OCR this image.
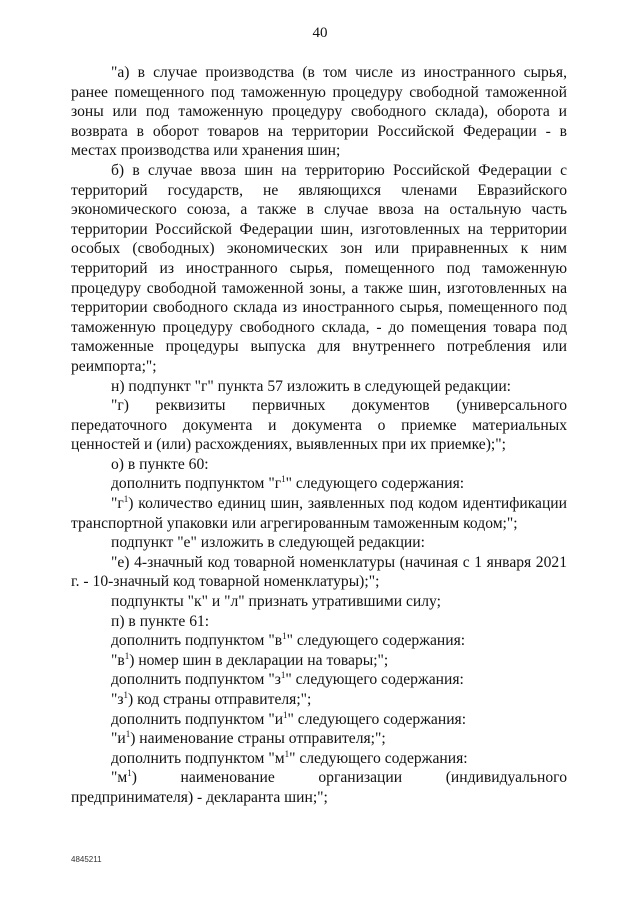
40

"а) в случае производства (в том числе из иностранного сырья, ранее помещенного под таможенную процедуру свободной таможенной зоны или под таможенную процедуру свободного склада), оборота и возврата в оборот товаров на территории Российской Федерации - в местах производства или хранения шин;

б) в случае ввоза шин на территорию Российской Федерации с территорий государств, не являющихся членами Евразийского экономического союза, а также в случае ввоза на остальную часть территории Российской Федерации шин, изготовленных на территории особых (свободных) экономических зон или приравненных к ним территорий из иностранного сырья, помещенного под таможенную процедуру свободной таможенной зоны, а также шин, изготовленных на территории свободного склада из иностранного сырья, помещенного под таможенную процедуру свободного склада, - до помещения товара под таможенные процедуры выпуска для внутреннего потребления или реимпорта;";

н) подпункт "г" пункта 57 изложить в следующей редакции:

"г) реквизиты первичных документов (универсального передаточного документа и документа о приемке материальных ценностей и (или) расхождениях, выявленных при их приемке);";

о) в пункте 60:

дополнить подпунктом "$г^1$" следующего содержания:

"$г^1$) количество единиц шин, заявленных под кодом идентификации транспортной упаковки или агрегированным таможенным кодом;";

подпункт "е" изложить в следующей редакции:

"е) 4-значный код товарной номенклатуры (начиная с 1 января 2021 г. - 10-значный код товарной номенклатуры);";

подпункты "к" и "л" признать утратившими силу;

п) в пункте 61:

дополнить подпунктом "$в^1$" следующего содержания:

"$в^1$) номер шин в декларации на товары;";

дополнить подпунктом "$з^1$" следующего содержания:

"$з^1$) код страны отправителя;";

дополнить подпунктом "$и^1$" следующего содержания:

"$и^1$) наименование страны отправителя;";

дополнить подпунктом "$м^1$" следующего содержания:

"$м^1$) наименование организации (индивидуального предпринимателя) - декларанта шин;";

4845211
